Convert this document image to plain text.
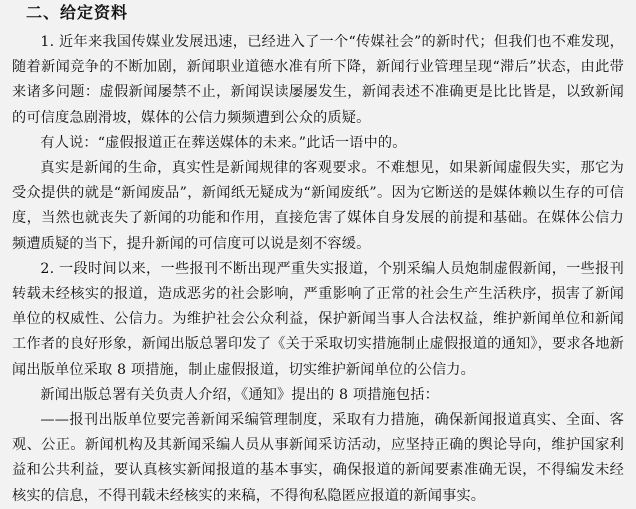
二、给定资料

1. 近年来我国传媒业发展迅速，已经进入了一个“传媒社会”的新时代；但我们也不难发现，随着新闻竞争的不断加剧，新闻职业道德水准有所下降，新闻行业管理呈现“滞后”状态，由此带来诸多问题：虚假新闻屡禁不止，新闻误读屡屡发生，新闻表述不准确更是比比皆是，以致新闻的可信度急剧滑坡，媒体的公信力频频遭到公众的质疑。

有人说：“虚假报道正在葬送媒体的未来。”此话一语中的。

真实是新闻的生命，真实性是新闻规律的客观要求。不难想见，如果新闻虚假失实，那它为受众提供的就是“新闻废品”，新闻纸无疑成为“新闻废纸”。因为它断送的是媒体赖以生存的可信度，当然也就丧失了新闻的功能和作用，直接危害了媒体自身发展的前提和基础。在媒体公信力频遭质疑的当下，提升新闻的可信度可以说是刻不容缓。

2. 一段时间以来，一些报刊不断出现严重失实报道，个别采编人员炮制虚假新闻，一些报刊转载未经核实的报道，造成恶劣的社会影响，严重影响了正常的社会生产生活秩序，损害了新闻单位的权威性、公信力。为维护社会公众利益，保护新闻当事人合法权益，维护新闻单位和新闻工作者的良好形象，新闻出版总署印发了《关于采取切实措施制止虚假报道的通知》，要求各地新闻出版单位采取 8 项措施，制止虚假报道，切实维护新闻单位的公信力。

新闻出版总署有关负责人介绍，《通知》提出的 8 项措施包括：

——报刊出版单位要完善新闻采编管理制度，采取有力措施，确保新闻报道真实、全面、客观、公正。新闻机构及其新闻采编人员从事新闻采访活动，应坚持正确的舆论导向，维护国家利益和公共利益，要认真核实新闻报道的基本事实，确保报道的新闻要素准确无误，不得编发未经核实的信息，不得刊载未经核实的来稿，不得徇私隐匿应报道的新闻事实。
